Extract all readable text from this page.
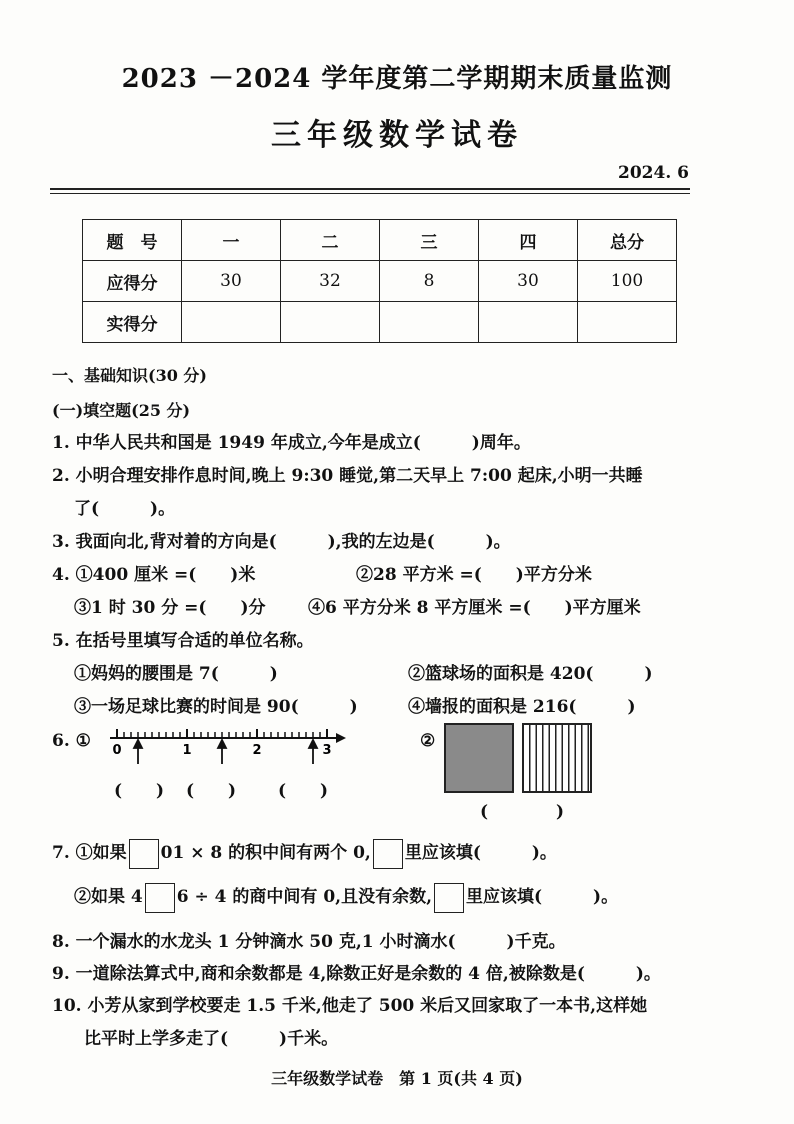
2023 －2024 学年度第二学期期末质量监测
三年级数学试卷
2024. 6
题　号	一	二	三	四	总分
应得分	30	32	8	30	100
实得分					
一、基础知识(30 分)
(一)填空题(25 分)
1. 中华人民共和国是 1949 年成立,今年是成立(　　　)周年。
2. 小明合理安排作息时间,晚上 9:30 睡觉,第二天早上 7:00 起床,小明一共睡
了(　　　)。
3. 我面向北,背对着的方向是(　　　),我的左边是(　　　)。
4. ①400 厘米 =(　　)米	②28 平方米 =(　　)平方分米
③1 时 30 分 =(　　)分	④6 平方分米 8 平方厘米 =(　　)平方厘米
5. 在括号里填写合适的单位名称。
①妈妈的腰围是 7(　　　)	②篮球场的面积是 420(　　　)
③一场足球比赛的时间是 90(　　　)	④墙报的面积是 216(　　　)
6. ① 0	1	2	3
(　　) (　　) (　　)
②
(　　　　)
7. ①如果 01 × 8 的积中间有两个 0, 里应该填(　　　)。
②如果 4 6 ÷ 4 的商中间有 0,且没有余数, 里应该填(　　　)。
8. 一个漏水的水龙头 1 分钟滴水 50 克,1 小时滴水(　　　)千克。
9. 一道除法算式中,商和余数都是 4,除数正好是余数的 4 倍,被除数是(　　　)。
10. 小芳从家到学校要走 1.5 千米,他走了 500 米后又回家取了一本书,这样她
比平时上学多走了(　　　)千米。
三年级数学试卷　第 1 页(共 4 页)
